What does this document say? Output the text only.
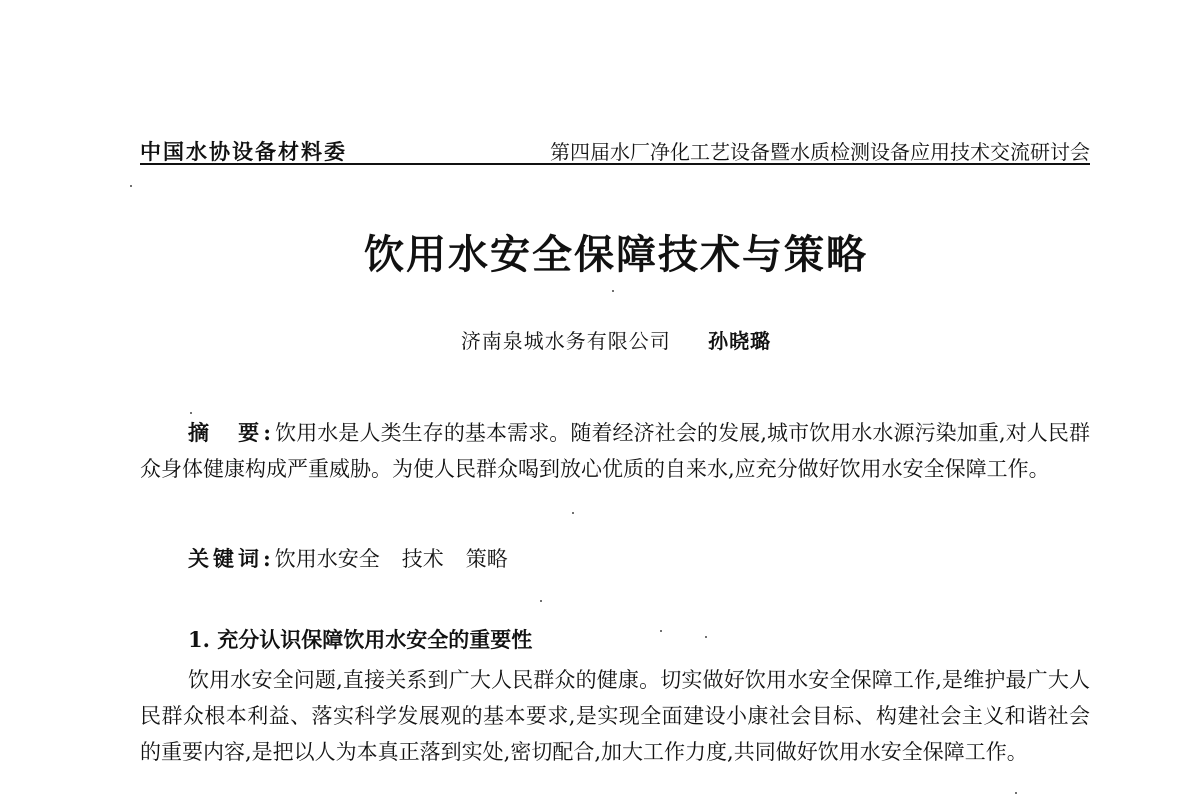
中国水协设备材料委	第四届水厂净化工艺设备暨水质检测设备应用技术交流研讨会
饮用水安全保障技术与策略
济南泉城水务有限公司 孙晓璐
摘　要:饮用水是人类生存的基本需求。随着经济社会的发展,城市饮用水水源污染加重,对人民群众身体健康构成严重威胁。为使人民群众喝到放心优质的自来水,应充分做好饮用水安全保障工作。
关键词:饮用水安全 技术 策略
1. 充分认识保障饮用水安全的重要性
饮用水安全问题,直接关系到广大人民群众的健康。切实做好饮用水安全保障工作,是维护最广大人民群众根本利益、落实科学发展观的基本要求,是实现全面建设小康社会目标、构建社会主义和谐社会的重要内容,是把以人为本真正落到实处,密切配合,加大工作力度,共同做好饮用水安全保障工作。
